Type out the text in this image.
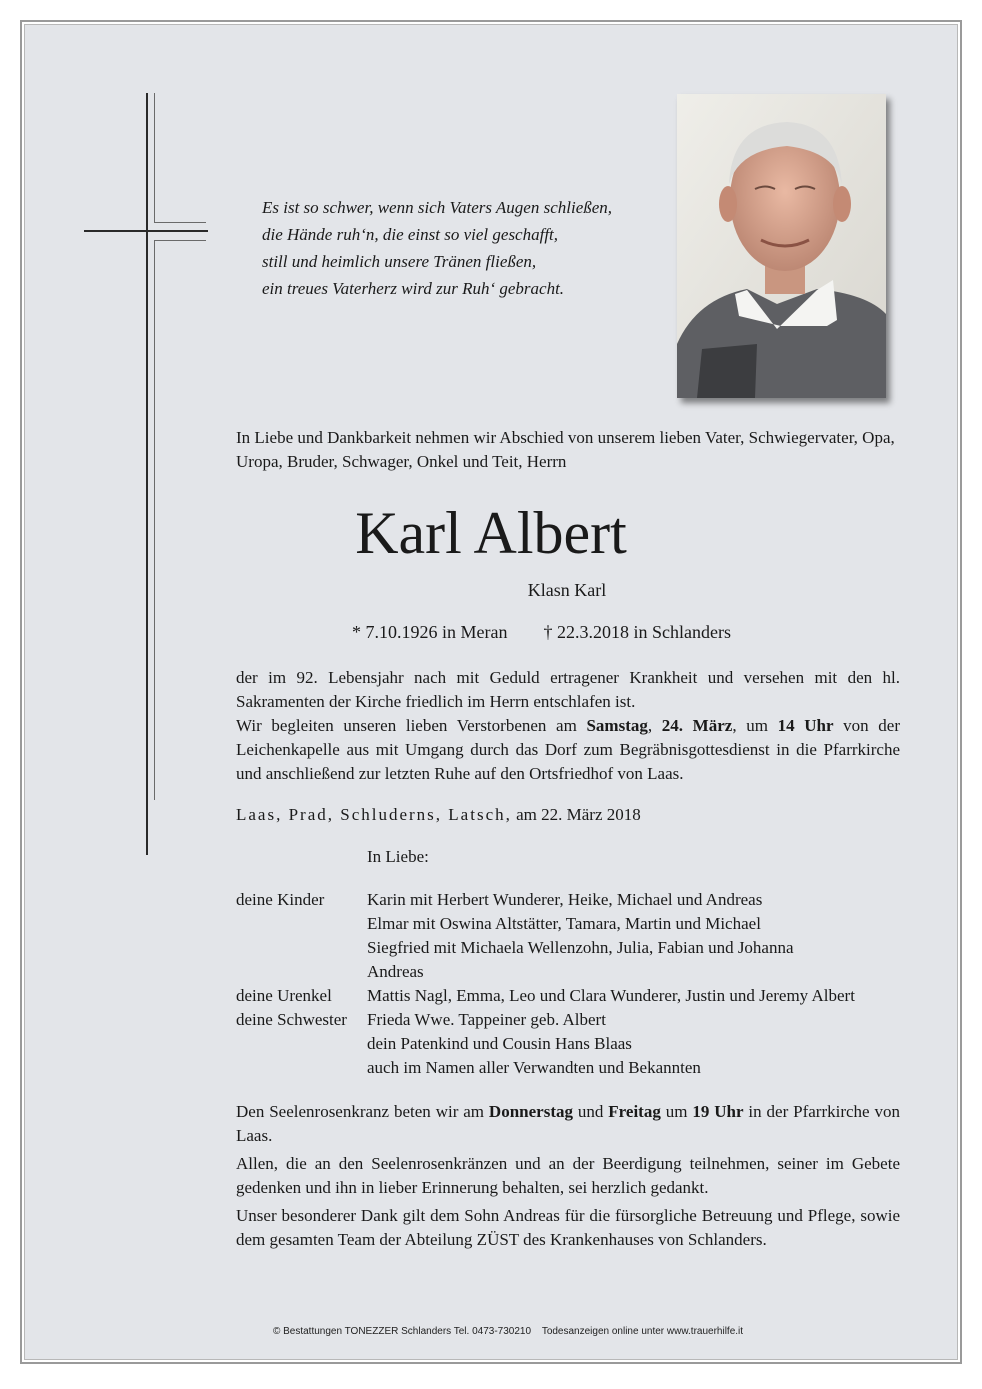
Es ist so schwer, wenn sich Vaters Augen schließen,
die Hände ruh‘n, die einst so viel geschafft,
still und heimlich unsere Tränen fließen,
ein treues Vaterherz wird zur Ruh‘ gebracht.
In Liebe und Dankbarkeit nehmen wir Abschied von unserem lieben Vater, Schwiegervater, Opa, Uropa, Bruder, Schwager, Onkel und Teit, Herrn
Karl Albert
Klasn Karl
* 7.10.1926 in Meran † 22.3.2018 in Schlanders
der im 92. Lebensjahr nach mit Geduld ertragener Krankheit und versehen mit den hl. Sakramenten der Kirche friedlich im Herrn entschlafen ist.
Wir begleiten unseren lieben Verstorbenen am Samstag, 24. März, um 14 Uhr von der Leichenkapelle aus mit Umgang durch das Dorf zum Begräbnisgottesdienst in die Pfarrkirche und anschließend zur letzten Ruhe auf den Ortsfriedhof von Laas.
Laas, Prad, Schluderns, Latsch, am 22. März 2018
In Liebe:
deine Kinder	Karin mit Herbert Wunderer, Heike, Michael und Andreas
Elmar mit Oswina Altstätter, Tamara, Martin und Michael
Siegfried mit Michaela Wellenzohn, Julia, Fabian und Johanna
Andreas
deine Urenkel Mattis Nagl, Emma, Leo und Clara Wunderer, Justin und Jeremy Albert
deine Schwester Frieda Wwe. Tappeiner geb. Albert
dein Patenkind und Cousin Hans Blaas
auch im Namen aller Verwandten und Bekannten

Den Seelenrosenkranz beten wir am Donnerstag und Freitag um 19 Uhr in der Pfarrkirche von Laas.

Allen, die an den Seelenrosenkränzen und an der Beerdigung teilnehmen, seiner im Gebete gedenken und ihn in lieber Erinnerung behalten, sei herzlich gedankt.

Unser besonderer Dank gilt dem Sohn Andreas für die fürsorgliche Betreuung und Pflege, sowie dem gesamten Team der Abteilung ZÜST des Krankenhauses von Schlanders.

© Bestattungen TONEZZER Schlanders Tel. 0473-730210 Todesanzeigen online unter www.trauerhilfe.it
